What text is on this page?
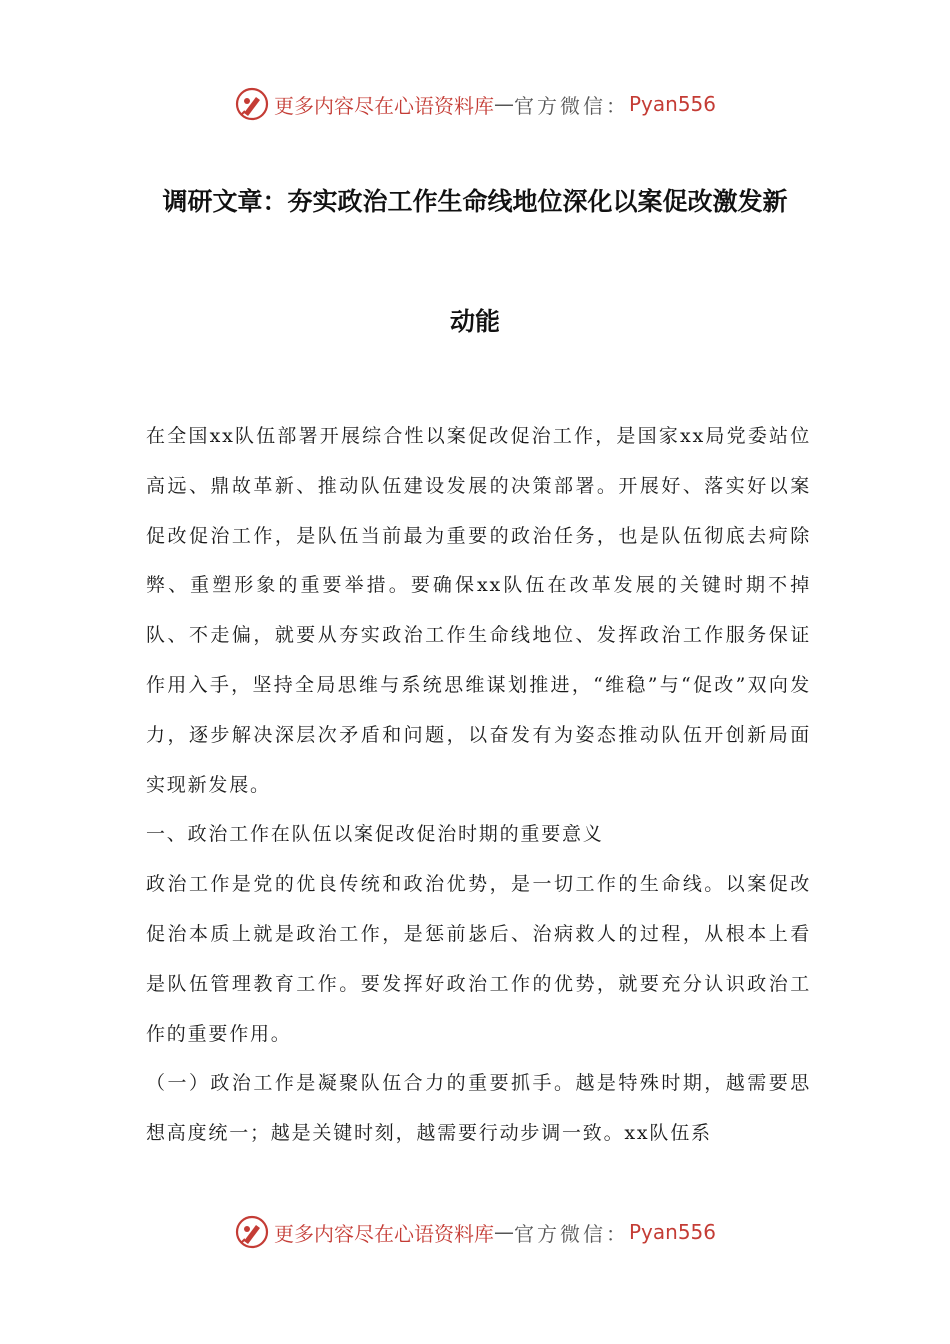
更多内容尽在心语资料库 — 官方微信： Pyan556
调研文章：夯实政治工作生命线地位深化以案促改激发新
动能

在全国xx队伍部署开展综合性以案促改促治工作，是国家xx局党委站位高远、鼎故革新、推动队伍建设发展的决策部署。开展好、落实好以案促改促治工作，是队伍当前最为重要的政治任务，也是队伍彻底去疴除弊、重塑形象的重要举措。要确保xx队伍在改革发展的关键时期不掉队、不走偏，就要从夯实政治工作生命线地位、发挥政治工作服务保证作用入手，坚持全局思维与系统思维谋划推进，“维稳”与“促改”双向发力，逐步解决深层次矛盾和问题，以奋发有为姿态推动队伍开创新局面实现新发展。

一、政治工作在队伍以案促改促治时期的重要意义

政治工作是党的优良传统和政治优势，是一切工作的生命线。以案促改促治本质上就是政治工作，是惩前毖后、治病救人的过程，从根本上看是队伍管理教育工作。要发挥好政治工作的优势，就要充分认识政治工作的重要作用。

（一）政治工作是凝聚队伍合力的重要抓手。越是特殊时期，越需要思想高度统一；越是关键时刻，越需要行动步调一致。xx队伍系

更多内容尽在心语资料库 — 官方微信： Pyan556
